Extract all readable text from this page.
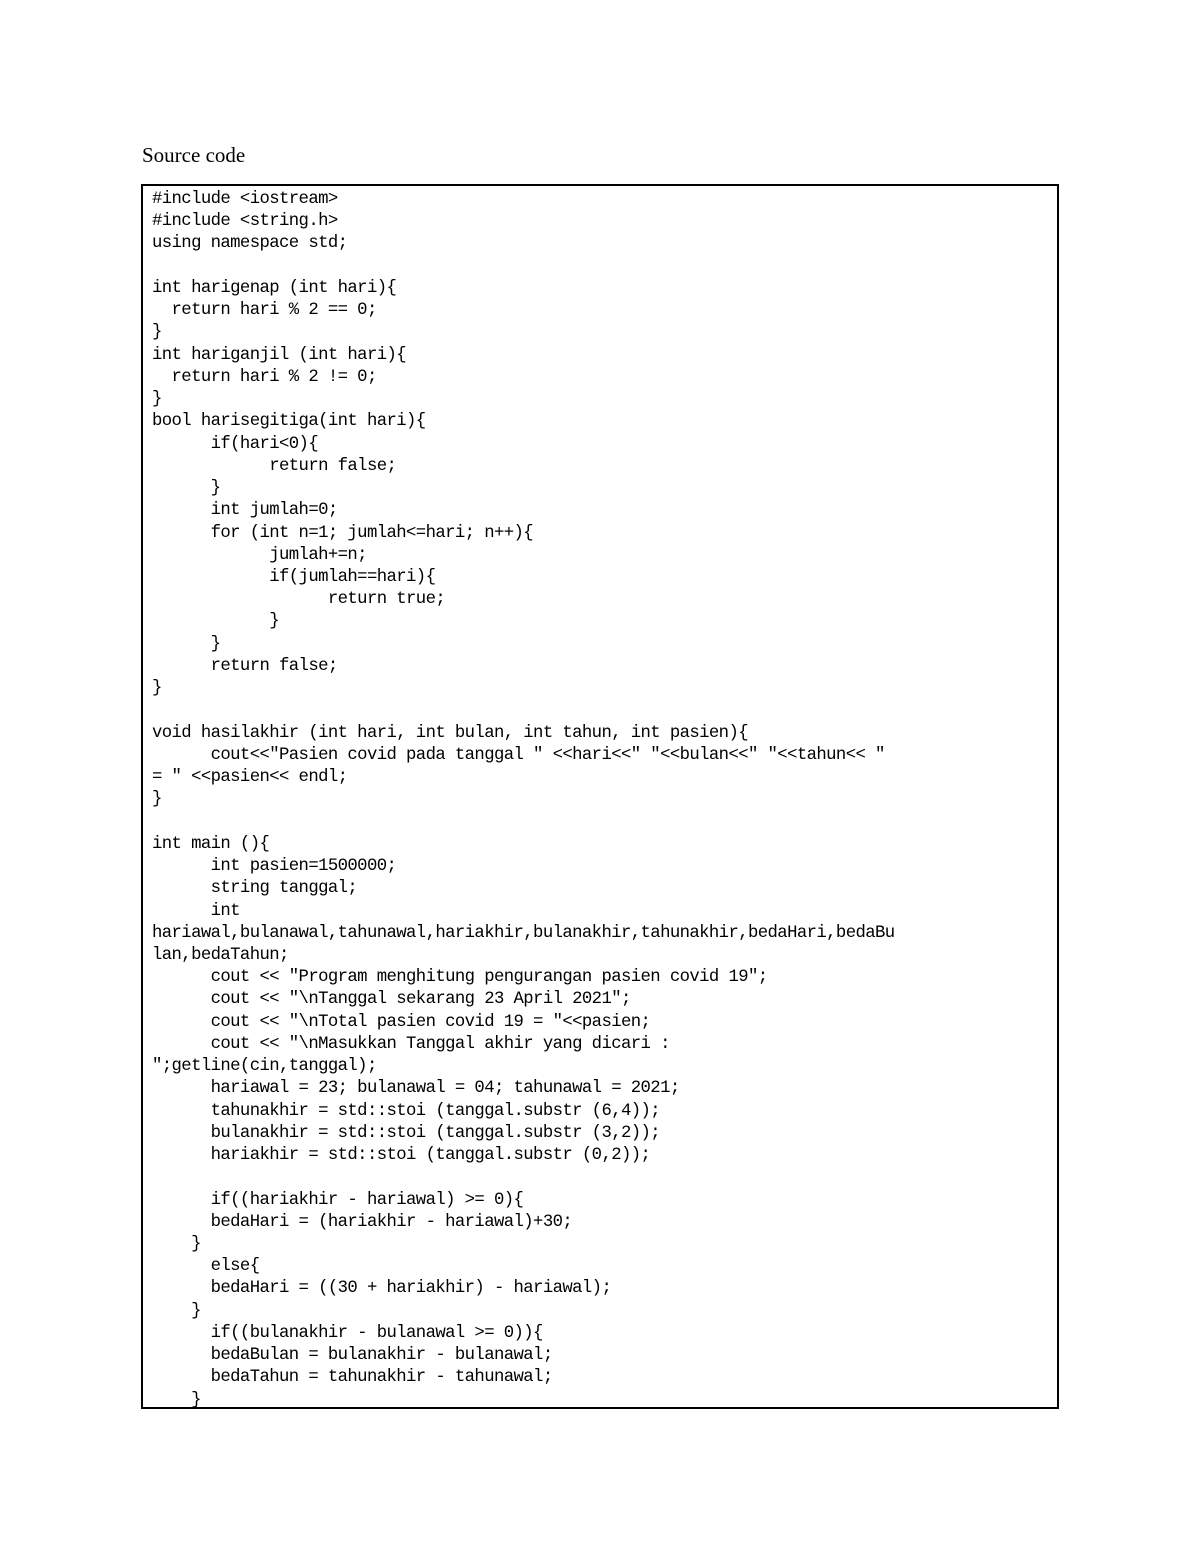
Source code
#include <iostream>
#include <string.h>
using namespace std;
int harigenap (int hari){
return hari % 2 == 0;
}
int hariganjil (int hari){
return hari % 2 != 0;
}
bool harisegitiga(int hari){
if(hari<0){
return false;
}
int jumlah=0;
for (int n=1; jumlah<=hari; n++){
jumlah+=n;
if(jumlah==hari){
return true;
}
}
return false;
}
void hasilakhir (int hari, int bulan, int tahun, int pasien){
cout<<"Pasien covid pada tanggal " <<hari<<" "<<bulan<<" "<<tahun<< "
= " <<pasien<< endl;
}
int main (){
int pasien=1500000;
string tanggal;
int
hariawal,bulanawal,tahunawal,hariakhir,bulanakhir,tahunakhir,bedaHari,bedaBu
lan,bedaTahun;
cout << "Program menghitung pengurangan pasien covid 19";
cout << "\nTanggal sekarang 23 April 2021";
cout << "\nTotal pasien covid 19 = "<<pasien;
cout << "\nMasukkan Tanggal akhir yang dicari :
";getline(cin,tanggal);
hariawal = 23; bulanawal = 04; tahunawal = 2021;
tahunakhir = std::stoi (tanggal.substr (6,4));
bulanakhir = std::stoi (tanggal.substr (3,2));
hariakhir = std::stoi (tanggal.substr (0,2));
if((hariakhir - hariawal) >= 0){
bedaHari = (hariakhir - hariawal)+30;
}
else{
bedaHari = ((30 + hariakhir) - hariawal);
}
if((bulanakhir - bulanawal >= 0)){
bedaBulan = bulanakhir - bulanawal;
bedaTahun = tahunakhir - tahunawal;
}
